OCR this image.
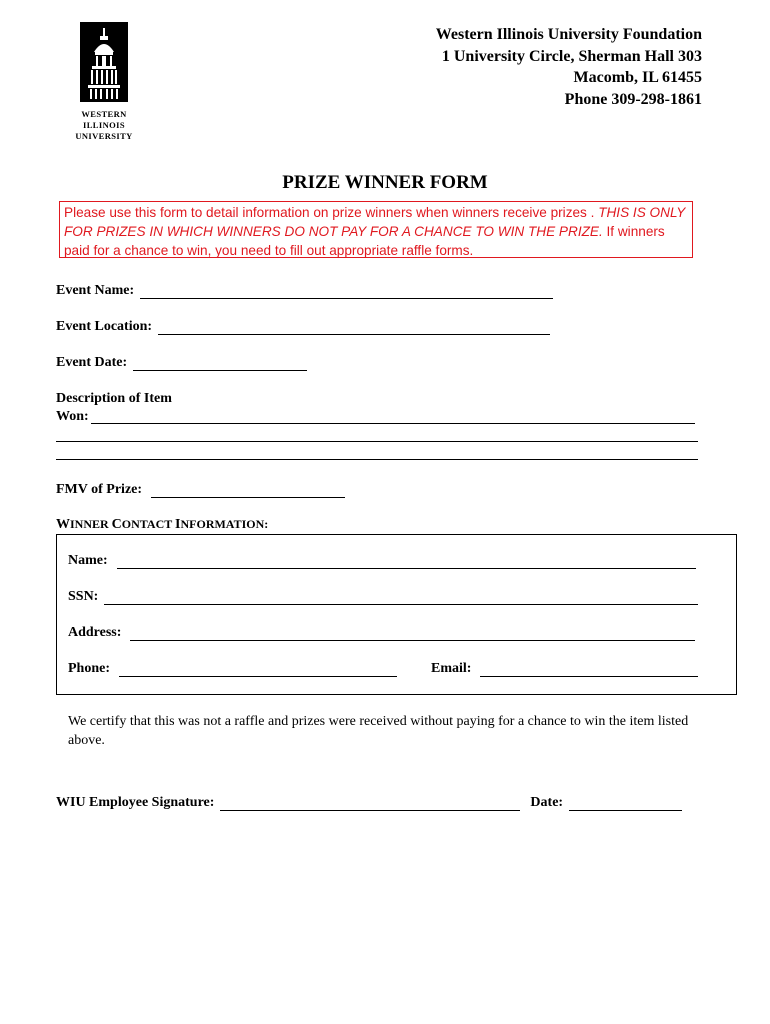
WESTERN
ILLINOIS
UNIVERSITY
Western Illinois University Foundation
1 University Circle, Sherman Hall 303
Macomb, IL 61455
Phone 309-298-1861
PRIZE WINNER FORM
Please use this form to detail information on prize winners when winners receive prizes . THIS IS ONLY FOR PRIZES IN WHICH WINNERS DO NOT PAY FOR A CHANCE TO WIN THE PRIZE. If winners paid for a chance to win, you need to fill out appropriate raffle forms.
Event Name:
Event Location:
Event Date:
Description of Item
Won:
FMV of Prize:
WINNER CONTACT INFORMATION:
Name:
SSN:
Address:
Phone:	Email:
We certify that this was not a raffle and prizes were received without paying for a chance to win the item listed above.
WIU Employee Signature:	Date:
